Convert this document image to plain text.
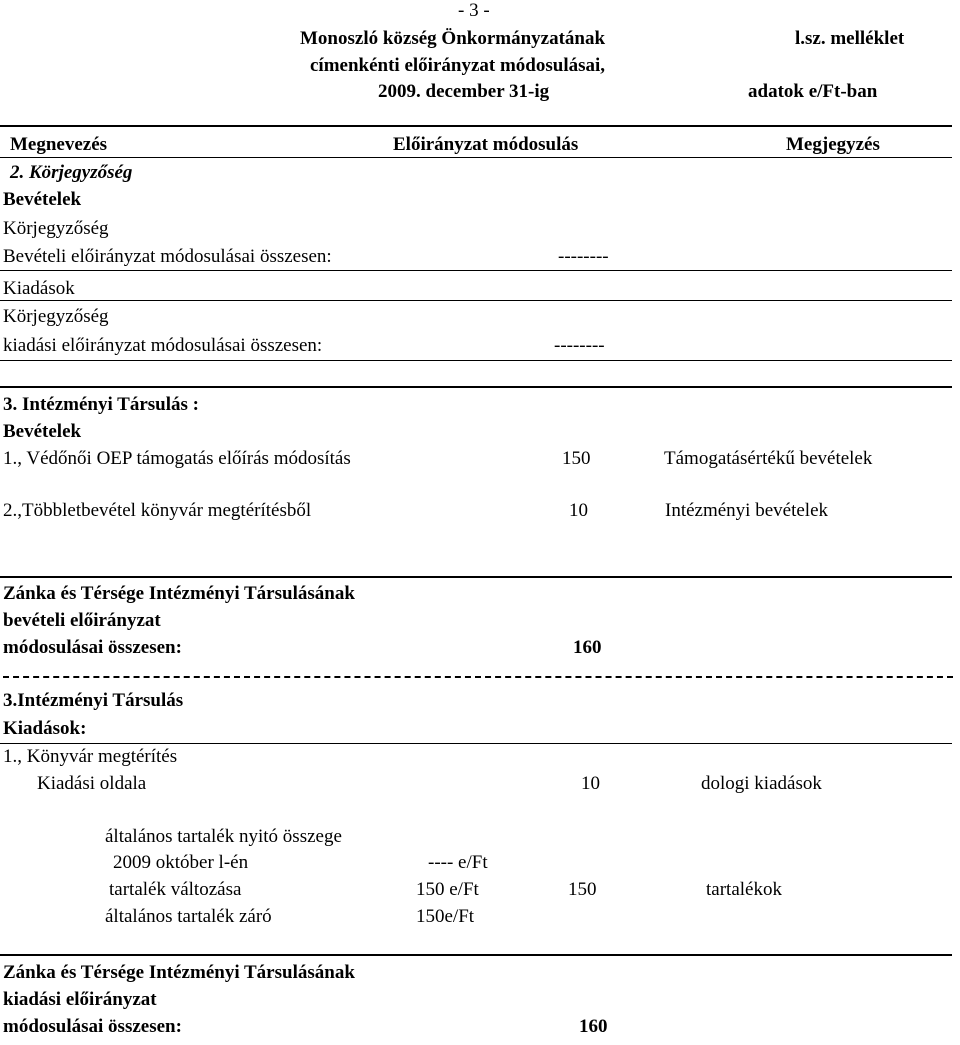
- 3 -
Monoszló község Önkormányzatának	l.sz. melléklet
címenkénti előirányzat módosulásai,
2009. december 31-ig	adatok e/Ft-ban
Megnevezés	Előirányzat módosulás	Megjegyzés
2. Körjegyzőség
Bevételek
Körjegyzőség
Bevételi előirányzat módosulásai összesen:	--------
Kiadások
Körjegyzőség
kiadási előirányzat módosulásai összesen:	--------
3. Intézményi Társulás :
Bevételek
1., Védőnői OEP támogatás előírás módosítás	150	Támogatásértékű bevételek
2.,Többletbevétel könyvár megtérítésből	10	Intézményi bevételek
Zánka és Térsége Intézményi Társulásának
bevételi előirányzat
módosulásai összesen:	160
3.Intézményi Társulás
Kiadások:
1., Könyvár megtérítés
Kiadási oldala	10	dologi kiadások
általános tartalék nyitó összege
2009 október l-én	---- e/Ft
tartalék változása	150 e/Ft	150	tartalékok
általános tartalék záró	150e/Ft
Zánka és Térsége Intézményi Társulásának
kiadási előirányzat
módosulásai összesen:	160
